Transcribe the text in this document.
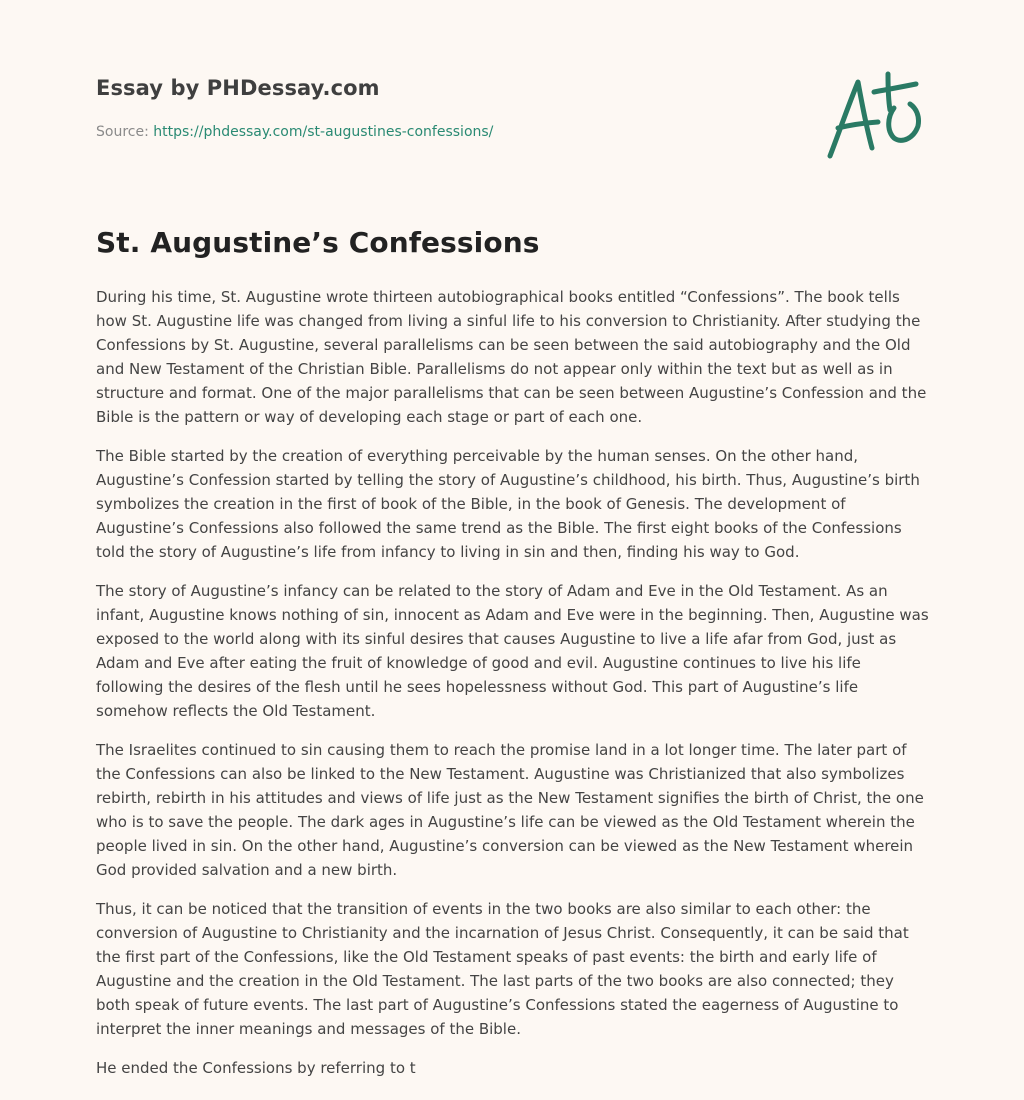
Essay by PHDessay.com
Source: https://phdessay.com/st-augustines-confessions/
St. Augustine’s Confessions

During his time, St. Augustine wrote thirteen autobiographical books entitled “Confessions”. The book tells how St. Augustine life was changed from living a sinful life to his conversion to Christianity. After studying the Confessions by St. Augustine, several parallelisms can be seen between the said autobiography and the Old and New Testament of the Christian Bible. Parallelisms do not appear only within the text but as well as in structure and format. One of the major parallelisms that can be seen between Augustine’s Confession and the Bible is the pattern or way of developing each stage or part of each one.

The Bible started by the creation of everything perceivable by the human senses. On the other hand, Augustine’s Confession started by telling the story of Augustine’s childhood, his birth. Thus, Augustine’s birth symbolizes the creation in the first of book of the Bible, in the book of Genesis. The development of Augustine’s Confessions also followed the same trend as the Bible. The first eight books of the Confessions told the story of Augustine’s life from infancy to living in sin and then, finding his way to God.

The story of Augustine’s infancy can be related to the story of Adam and Eve in the Old Testament. As an infant, Augustine knows nothing of sin, innocent as Adam and Eve were in the beginning. Then, Augustine was exposed to the world along with its sinful desires that causes Augustine to live a life afar from God, just as Adam and Eve after eating the fruit of knowledge of good and evil. Augustine continues to live his life following the desires of the flesh until he sees hopelessness without God. This part of Augustine’s life somehow reflects the Old Testament.

The Israelites continued to sin causing them to reach the promise land in a lot longer time. The later part of the Confessions can also be linked to the New Testament. Augustine was Christianized that also symbolizes rebirth, rebirth in his attitudes and views of life just as the New Testament signifies the birth of Christ, the one who is to save the people. The dark ages in Augustine’s life can be viewed as the Old Testament wherein the people lived in sin. On the other hand, Augustine’s conversion can be viewed as the New Testament wherein God provided salvation and a new birth.

Thus, it can be noticed that the transition of events in the two books are also similar to each other: the conversion of Augustine to Christianity and the incarnation of Jesus Christ. Consequently, it can be said that the first part of the Confessions, like the Old Testament speaks of past events: the birth and early life of Augustine and the creation in the Old Testament. The last parts of the two books are also connected; they both speak of future events. The last part of Augustine’s Confessions stated the eagerness of Augustine to interpret the inner meanings and messages of the Bible.

He ended the Confessions by referring to t
